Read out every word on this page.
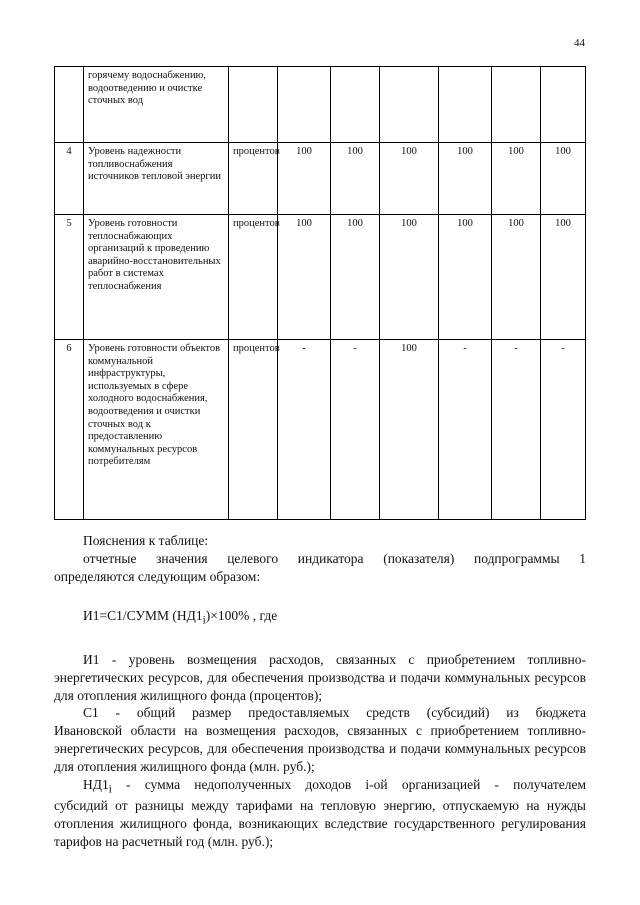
44
	горячему водоснабжению, водоотведению и очистке сточных вод							
4	Уровень надежности топливоснабжения источников тепловой энергии	процентов	100	100	100	100	100	100
5	Уровень готовности теплоснабжающих организаций к проведению аварийно-восстановительных работ в системах теплоснабжения	процентов	100	100	100	100	100	100
6	Уровень готовности объектов коммунальной инфраструктуры, используемых в сфере холодного водоснабжения, водоотведения и очистки сточных вод к предоставлению коммунальных ресурсов потребителям	процентов	-	-	100	-	-	-

Пояснения к таблице:

отчетные значения целевого индикатора (показателя) подпрограммы 1

определяются следующим образом:

И1=С1/СУММ $(НД1_i)\times 100\%$ , где

И1 - уровень возмещения расходов, связанных с приобретением топливно-

энергетических ресурсов, для обеспечения производства и подачи коммунальных ресурсов для отопления жилищного фонда (процентов);

С1 - общий размер предоставляемых средств (субсидий) из бюджета

Ивановской области на возмещения расходов, связанных с приобретением топливно-энергетических ресурсов, для обеспечения производства и подачи коммунальных ресурсов для отопления жилищного фонда (млн. руб.);

$НД1_i$ - сумма недополученных доходов i-ой организацией - получателем

субсидий от разницы между тарифами на тепловую энергию, отпускаемую на нужды отопления жилищного фонда, возникающих вследствие государственного регулирования тарифов на расчетный год (млн. руб.);
